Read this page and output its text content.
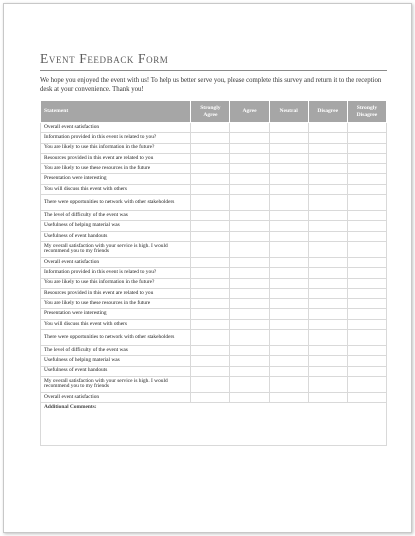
Event Feedback Form
We hope you enjoyed the event with us! To help us better serve you, please complete this survey and return it to the reception desk at your convenience. Thank you!
Statement	Strongly Agree	Agree	Neutral	Disagree	Strongly Disagree
Overall event satisfaction					
Information provided in this event is related to you?					
You are likely to use this information in the future?					
Resources provided in this event are related to you					
You are likely to use these resources in the future					
Presentation were interesting					
You will discuss this event with others					
There were opportunities to network with other stakeholders					
The level of difficulty of the event was					
Usefulness of helping material was					
Usefulness of event handouts					
My overall satisfaction with your service is high. I would recommend you to my friends					
Overall event satisfaction					
Information provided in this event is related to you?					
You are likely to use this information in the future?					
Resources provided in this event are related to you					
You are likely to use these resources in the future					
Presentation were interesting					
You will discuss this event with others					
There were opportunities to network with other stakeholders					
The level of difficulty of the event was					
Usefulness of helping material was					
Usefulness of event handouts					
My overall satisfaction with your service is high. I would recommend you to my friends					
Overall event satisfaction					
Additional Comments:					
